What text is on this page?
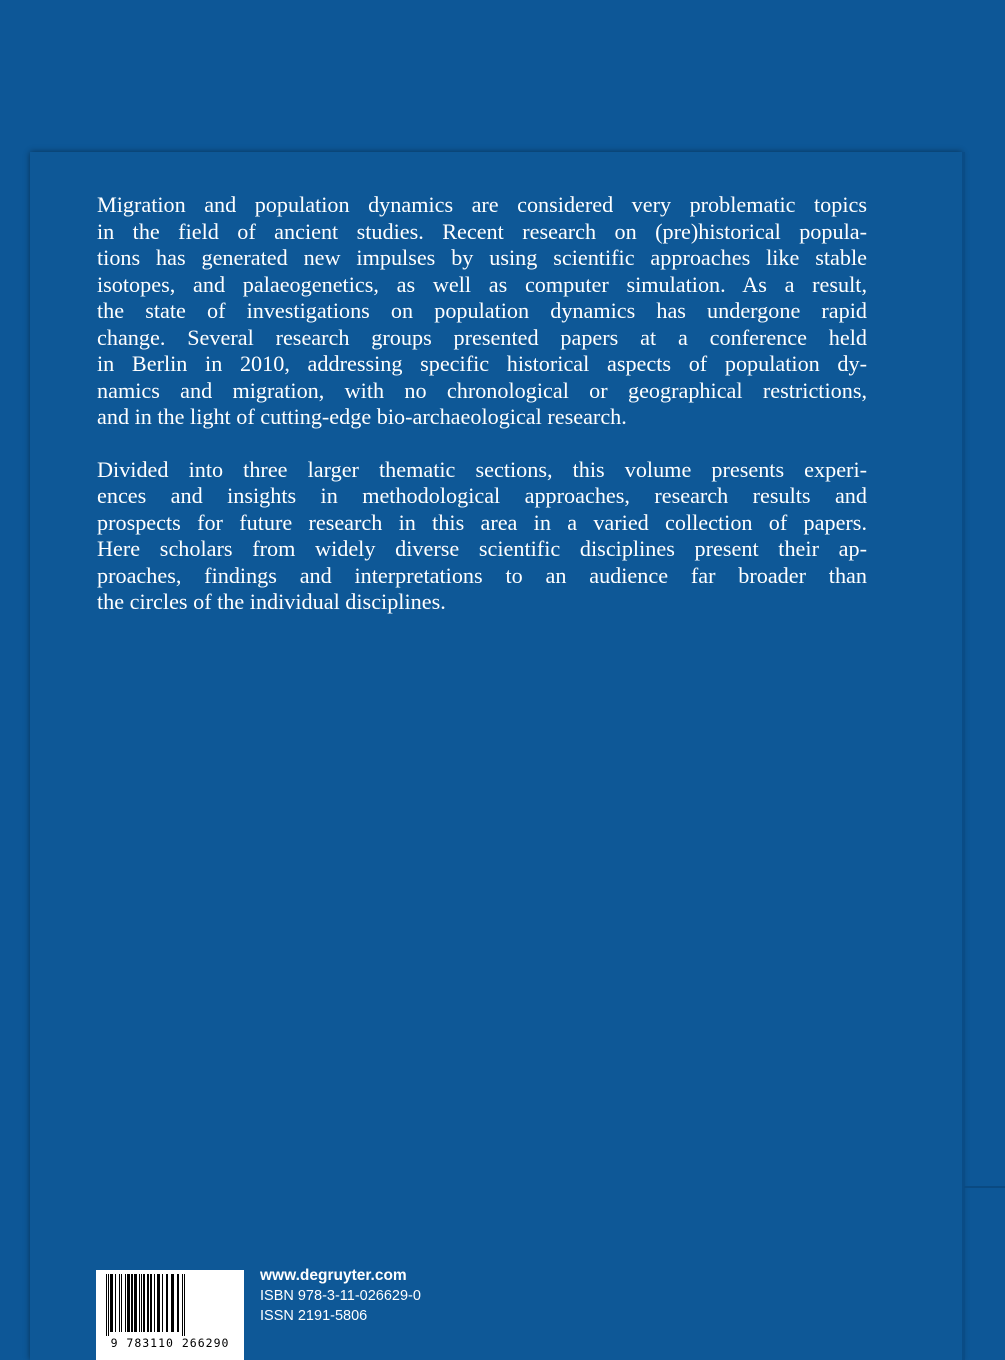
Migration and population dynamics are considered very problematic topics
in the field of ancient studies. Recent research on (pre)historical popula-
tions has generated new impulses by using scientific approaches like stable
isotopes, and palaeogenetics, as well as computer simulation. As a result,
the state of investigations on population dynamics has undergone rapid
change. Several research groups presented papers at a conference held
in Berlin in 2010, addressing specific historical aspects of population dy-
namics and migration, with no chronological or geographical restrictions,
and in the light of cutting-edge bio-archaeological research.

Divided into three larger thematic sections, this volume presents experi-
ences and insights in methodological approaches, research results and
prospects for future research in this area in a varied collection of papers.
Here scholars from widely diverse scientific disciplines present their ap-
proaches, findings and interpretations to an audience far broader than
the circles of the individual disciplines.

9 783110 266290
www.degruyter.com
ISBN 978-3-11-026629-0
ISSN 2191-5806
